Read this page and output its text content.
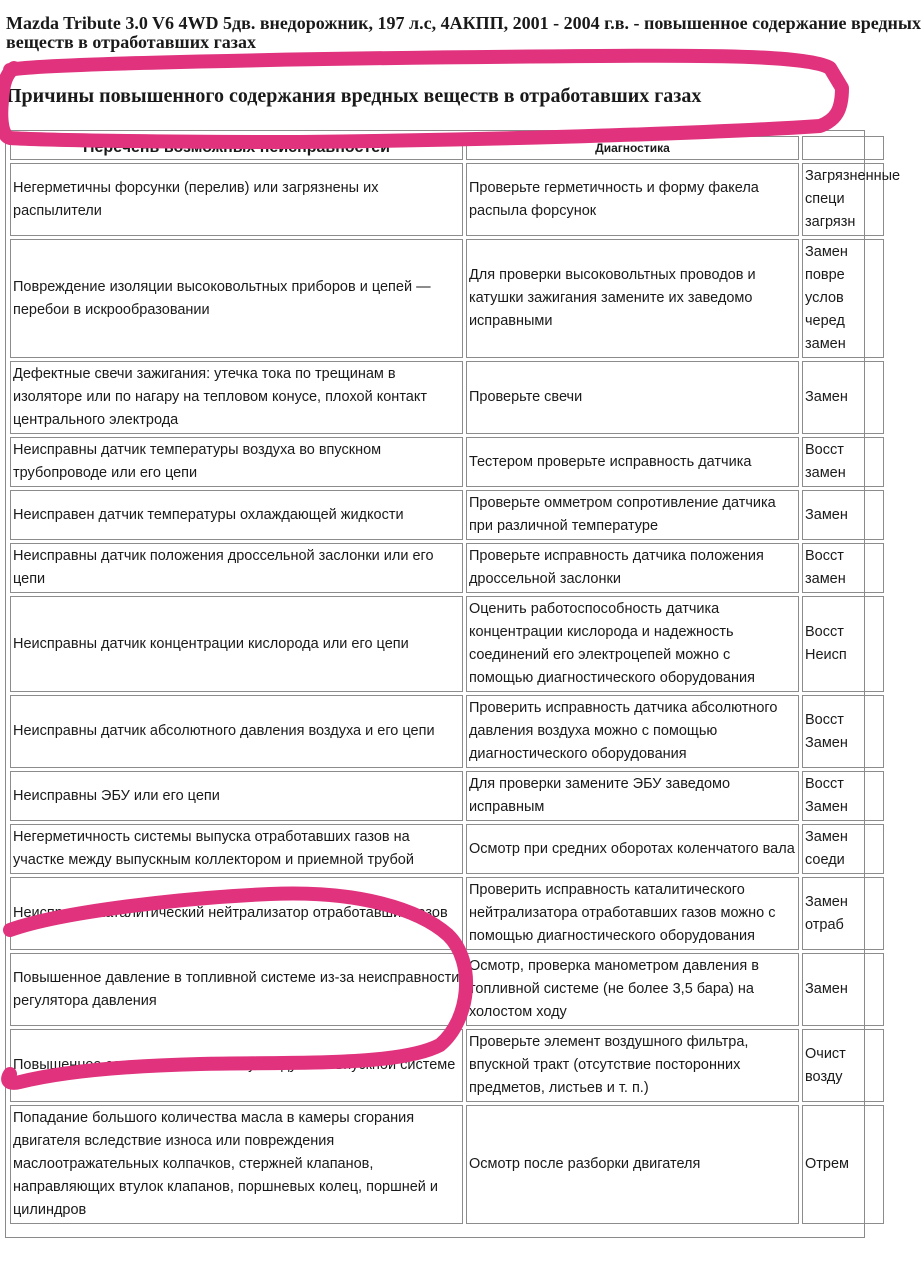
Mazda Tribute 3.0 V6 4WD 5дв. внедорожник, 197 л.с, 4АКПП, 2001 - 2004 г.в. - повышенное содержание вредных
веществ в отработавших газах
Причины повышенного содержания вредных веществ в отработавших газах
Перечень возможных неисправностей	Диагностика	
Негерметичны форсунки (перелив) или загрязнены их распылители	Проверьте герметичность и форму факела распыла форсунок	Загрязненные
специ
загрязн
Повреждение изоляции высоковольтных приборов и цепей — перебои в искрообразовании	Для проверки высоковольтных проводов и катушки зажигания замените их заведомо исправными	Замен
повре
услов
черед
замен
Дефектные свечи зажигания: утечка тока по трещинам в изоляторе или по нагару на тепловом конусе, плохой контакт центрального электрода	Проверьте свечи	Замен
Неисправны датчик температуры воздуха во впускном трубопроводе или его цепи	Тестером проверьте исправность датчика	Восст
замен
Неисправен датчик температуры охлаждающей жидкости	Проверьте омметром сопротивление датчика при различной температуре	Замен
Неисправны датчик положения дроссельной заслонки или его цепи	Проверьте исправность датчика положения дроссельной заслонки	Восст
замен
Неисправны датчик концентрации кислорода или его цепи	Оценить работоспособность датчика концентрации кислорода и надежность соединений его электроцепей можно с помощью диагностического оборудования	Восст
Неисп
Неисправны датчик абсолютного давления воздуха и его цепи	Проверить исправность датчика абсолютного давления воздуха можно с помощью диагностического оборудования	Восст
Замен
Неисправны ЭБУ или его цепи	Для проверки замените ЭБУ заведомо исправным	Восст
Замен
Негерметичность системы выпуска отработавших газов на участке между выпускным коллектором и приемной трубой	Осмотр при средних оборотах коленчатого вала	Замен
соеди
Неисправен каталитический нейтрализатор отработавших газов	Проверить исправность каталитического нейтрализатора отработавших газов можно с помощью диагностического оборудования	Замен
отраб
Повышенное давление в топливной системе из-за неисправности регулятора давления	Осмотр, проверка манометром давления в топливной системе (не более 3,5 бара) на холостом ходу	Замен
Повышенное сопротивление потоку воздуха во впускной системе	Проверьте элемент воздушного фильтра, впускной тракт (отсутствие посторонних предметов, листьев и т. п.)	Очист
возду
Попадание большого количества масла в камеры сгорания двигателя вследствие износа или повреждения маслоотражательных колпачков, стержней клапанов, направляющих втулок клапанов, поршневых колец, поршней и цилиндров	Осмотр после разборки двигателя	Отрем
